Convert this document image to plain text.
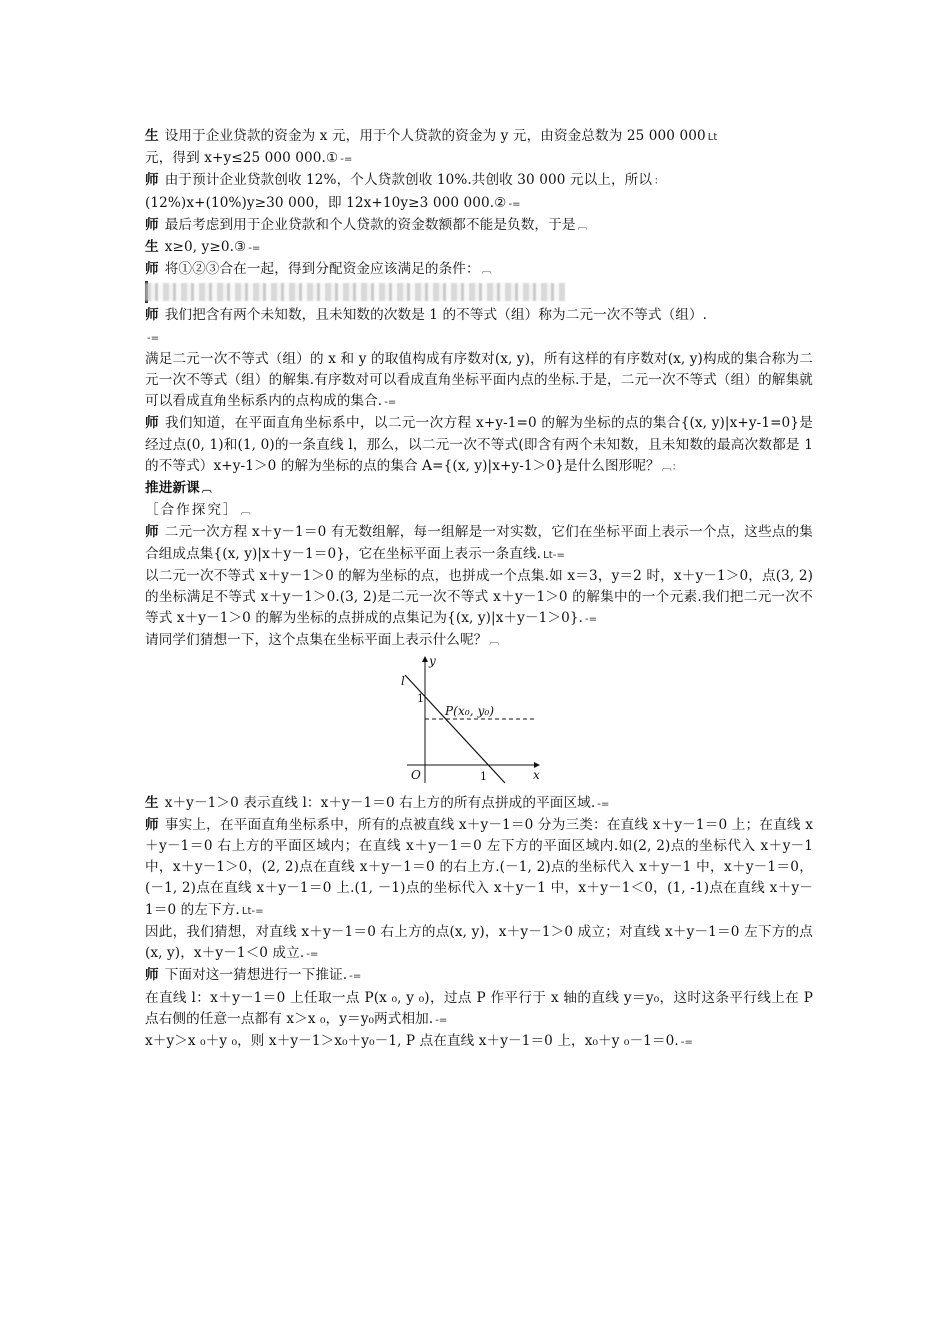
生 设用于企业贷款的资金为 x 元，用于个人贷款的资金为 y 元，由资金总数为 25 000 000 Lt

元，得到 x+y≤25 000 000.① -=

师 由于预计企业贷款创收 12%，个人贷款创收 10%.共创收 30 000 元以上，所以 ：

(12%)x+(10%)y≥30 000，即 12x+10y≥3 000 000.② -=

师 最后考虑到用于企业贷款和个人贷款的资金数额都不能是负数，于是 ︹

生 x≥0, y≥0.③ -=

师 将①②③合在一起，得到分配资金应该满足的条件： ︹

师 我们把含有两个未知数，且未知数的次数是 1 的不等式（组）称为二元一次不等式（组）.

-=

满足二元一次不等式（组）的 x 和 y 的取值构成有序数对(x, y)，所有这样的有序数对(x, y)构成的集合称为二元一次不等式（组）的解集.有序数对可以看成直角坐标平面内点的坐标.于是，二元一次不等式（组）的解集就可以看成直角坐标系内的点构成的集合. -=

师 我们知道，在平面直角坐标系中，以二元一次方程 x+y-1=0 的解为坐标的点的集合{(x, y)|x+y-1=0}是经过点(0, 1)和(1, 0)的一条直线 l，那么，以二元一次不等式(即含有两个未知数，且未知数的最高次数都是 1 的不等式）x+y-1＞0 的解为坐标的点的集合 A={(x, y)|x+y-1＞0}是什么图形呢？ ︹：

推进新课 ︹

［合作探究］ ︹

师 二元一次方程 x＋y－1＝0 有无数组解，每一组解是一对实数，它们在坐标平面上表示一个点，这些点的集合组成点集{(x, y)|x＋y－1＝0}，它在坐标平面上表示一条直线. Lt-=

以二元一次不等式 x＋y－1＞0 的解为坐标的点，也拼成一个点集.如 x＝3，y＝2 时，x＋y－1＞0，点(3, 2)的坐标满足不等式 x＋y－1＞0.(3, 2)是二元一次不等式 x＋y－1＞0 的解集中的一个元素.我们把二元一次不等式 x＋y－1＞0 的解为坐标的点拼成的点集记为{(x, y)|x＋y－1＞0}. -=

请同学们猜想一下，这个点集在坐标平面上表示什么呢？ ︹

y
x
O
l
1
1
P(x₀, y₀)

生 x＋y－1＞0 表示直线 l：x＋y－1＝0 右上方的所有点拼成的平面区域. -=

师 事实上，在平面直角坐标系中，所有的点被直线 x＋y－1＝0 分为三类：在直线 x＋y－1＝0 上；在直线 x＋y－1＝0 右上方的平面区域内；在直线 x＋y－1＝0 左下方的平面区域内.如(2, 2)点的坐标代入 x＋y－1 中，x＋y－1＞0，(2, 2)点在直线 x＋y－1＝0 的右上方.(－1, 2)点的坐标代入 x＋y－1 中，x＋y－1＝0，(－1, 2)点在直线 x＋y－1＝0 上.(1, －1)点的坐标代入 x＋y－1 中，x＋y－1＜0，(1, -1)点在直线 x＋y－1＝0 的左下方. Lt-=

因此，我们猜想，对直线 x＋y－1＝0 右上方的点(x, y)，x＋y－1＞0 成立；对直线 x＋y－1＝0 左下方的点(x, y)，x＋y－1＜0 成立. -=

师 下面对这一猜想进行一下推证. -=

在直线 l：x＋y－1＝0 上任取一点 P(x ₀, y ₀)，过点 P 作平行于 x 轴的直线 y＝y₀，这时这条平行线上在 P 点右侧的任意一点都有 x＞x ₀，y＝y₀两式相加. -=

x＋y＞x ₀＋y ₀，则 x＋y－1＞x₀＋y₀－1, P 点在直线 x＋y－1＝0 上，x₀＋y ₀－1＝0. -=
